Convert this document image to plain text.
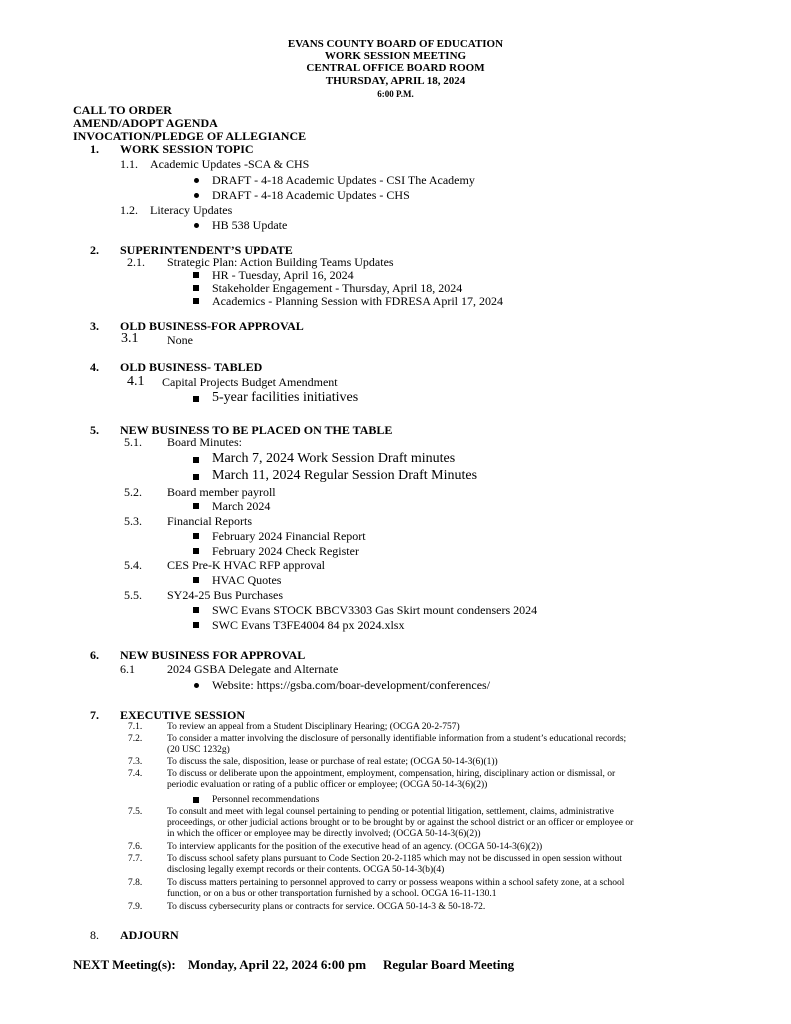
EVANS COUNTY BOARD OF EDUCATION
WORK SESSION MEETING
CENTRAL OFFICE BOARD ROOM
THURSDAY, APRIL 18, 2024
6:00 P.M.
CALL TO ORDER
AMEND/ADOPT AGENDA
INVOCATION/PLEDGE OF ALLEGIANCE
1. WORK SESSION TOPIC
1.1. Academic Updates -SCA & CHS
DRAFT - 4-18 Academic Updates - CSI The Academy
DRAFT - 4-18 Academic Updates - CHS
1.2. Literacy Updates
HB 538 Update
2. SUPERINTENDENT’S UPDATE
2.1. Strategic Plan: Action Building Teams Updates
HR - Tuesday, April 16, 2024
Stakeholder Engagement - Thursday, April 18, 2024
Academics - Planning Session with FDRESA April 17, 2024
3. OLD BUSINESS-FOR APPROVAL
3.1 None
4. OLD BUSINESS- TABLED
4.1 Capital Projects Budget Amendment
5-year facilities initiatives
5. NEW BUSINESS TO BE PLACED ON THE TABLE
5.1. Board Minutes:
March 7, 2024 Work Session Draft minutes
March 11, 2024 Regular Session Draft Minutes
5.2. Board member payroll
March 2024
5.3. Financial Reports
February 2024 Financial Report
February 2024 Check Register
5.4. CES Pre-K HVAC RFP approval
HVAC Quotes
5.5. SY24-25 Bus Purchases
SWC Evans STOCK BBCV3303 Gas Skirt mount condensers 2024
SWC Evans T3FE4004 84 px 2024.xlsx
6. NEW BUSINESS FOR APPROVAL
6.1	2024 GSBA Delegate and Alternate
Website: https://gsba.com/boar-development/conferences/
7. EXECUTIVE SESSION
7.1.	To review an appeal from a Student Disciplinary Hearing; (OCGA 20-2-757)
7.2.	To consider a matter involving the disclosure of personally identifiable information from a student’s educational records;
(20 USC 1232g)
7.3.	To discuss the sale, disposition, lease or purchase of real estate; (OCGA 50-14-3(6)(1))
7.4.	To discuss or deliberate upon the appointment, employment, compensation, hiring, disciplinary action or dismissal, or
periodic evaluation or rating of a public officer or employee; (OCGA 50-14-3(6)(2))
Personnel recommendations
7.5.	To consult and meet with legal counsel pertaining to pending or potential litigation, settlement, claims, administrative
proceedings, or other judicial actions brought or to be brought by or against the school district or an officer or employee or
in which the officer or employee may be directly involved; (OCGA 50-14-3(6)(2))
7.6.	To interview applicants for the position of the executive head of an agency. (OCGA 50-14-3(6)(2))
7.7.	To discuss school safety plans pursuant to Code Section 20-2-1185 which may not be discussed in open session without
disclosing legally exempt records or their contents. OCGA 50-14-3(b)(4)
7.8.	To discuss matters pertaining to personnel approved to carry or possess weapons within a school safety zone, at a school
function, or on a bus or other transportation furnished by a school. OCGA 16-11-130.1
7.9.	To discuss cybersecurity plans or contracts for service. OCGA 50-14-3 & 50-18-72.
8. ADJOURN
NEXT Meeting(s): Monday, April 22, 2024 6:00 pm Regular Board Meeting
